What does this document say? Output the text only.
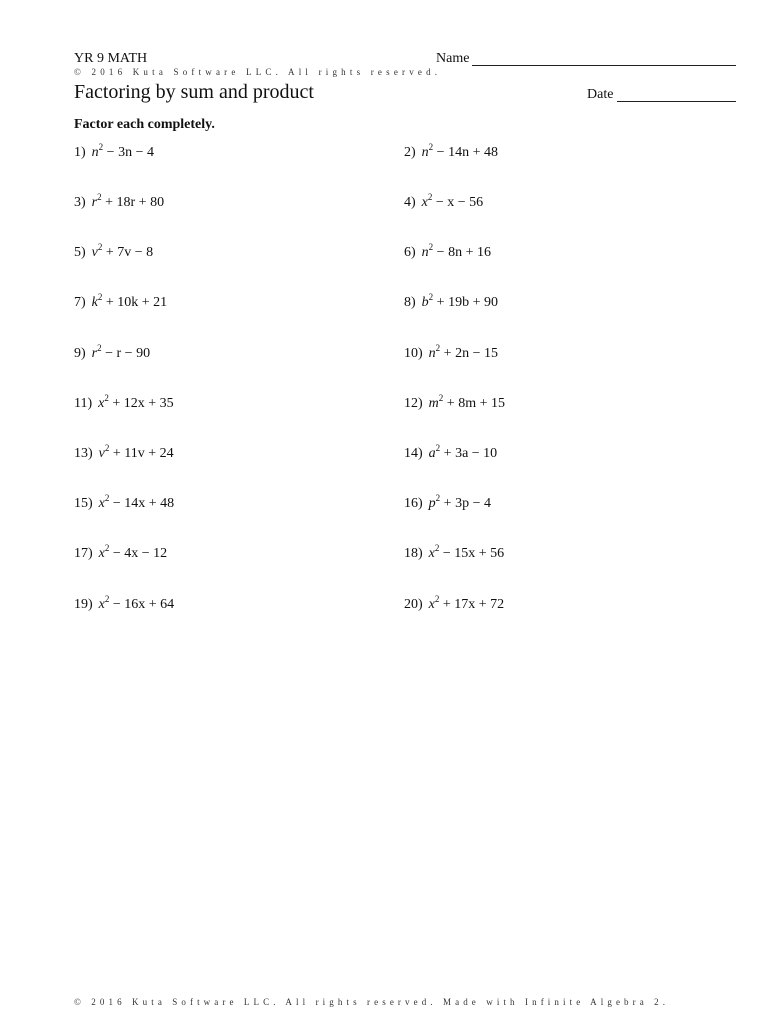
YR 9 MATH	Name
© 2016 Kuta Software LLC. All rights reserved.
Factoring by sum and product	Date
Factor each completely.
1) $n^2 - 3n - 4$	2) $n^2 - 14n + 48$
3) $r^2 + 18r + 80$	4) $x^2 - x - 56$
5) $v^2 + 7v - 8$	6) $n^2 - 8n + 16$
7) $k^2 + 10k + 21$	8) $b^2 + 19b + 90$
9) $r^2 - r - 90$	10) $n^2 + 2n - 15$
11) $x^2 + 12x + 35$	12) $m^2 + 8m + 15$
13) $v^2 + 11v + 24$	14) $a^2 + 3a - 10$
15) $x^2 - 14x + 48$	16) $p^2 + 3p - 4$
17) $x^2 - 4x - 12$	18) $x^2 - 15x + 56$
19) $x^2 - 16x + 64$	20) $x^2 + 17x + 72$
© 2016 Kuta Software LLC. All rights reserved. Made with Infinite Algebra 2.
